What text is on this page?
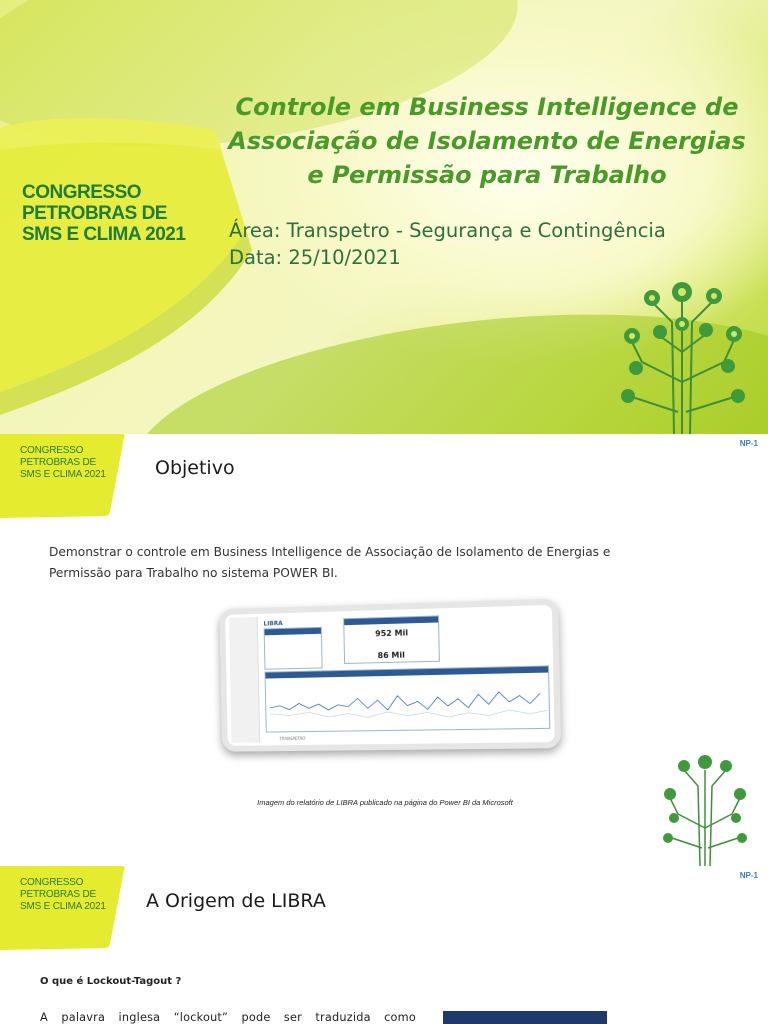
CONGRESSO
PETROBRAS DE
SMS E CLIMA 2021
Controle em Business Intelligence de
Associação de Isolamento de Energias
e Permissão para Trabalho
Área: Transpetro - Segurança e Contingência
Data: 25/10/2021
CONGRESSO
PETROBRAS DE
SMS E CLIMA 2021
NP-1
Objetivo
Demonstrar o controle em Business Intelligence de Associação de Isolamento de Energias e
Permissão para Trabalho no sistema POWER BI.
LIBRA
952 Mil
86 Mil
TRANSPETRO
Imagem do relatório de LIBRA publicado na página do Power BI da Microsoft
CONGRESSO
PETROBRAS DE
SMS E CLIMA 2021
NP-1
A Origem de LIBRA
O que é Lockout-Tagout ?
A palavra inglesa “lockout” pode ser traduzida como
